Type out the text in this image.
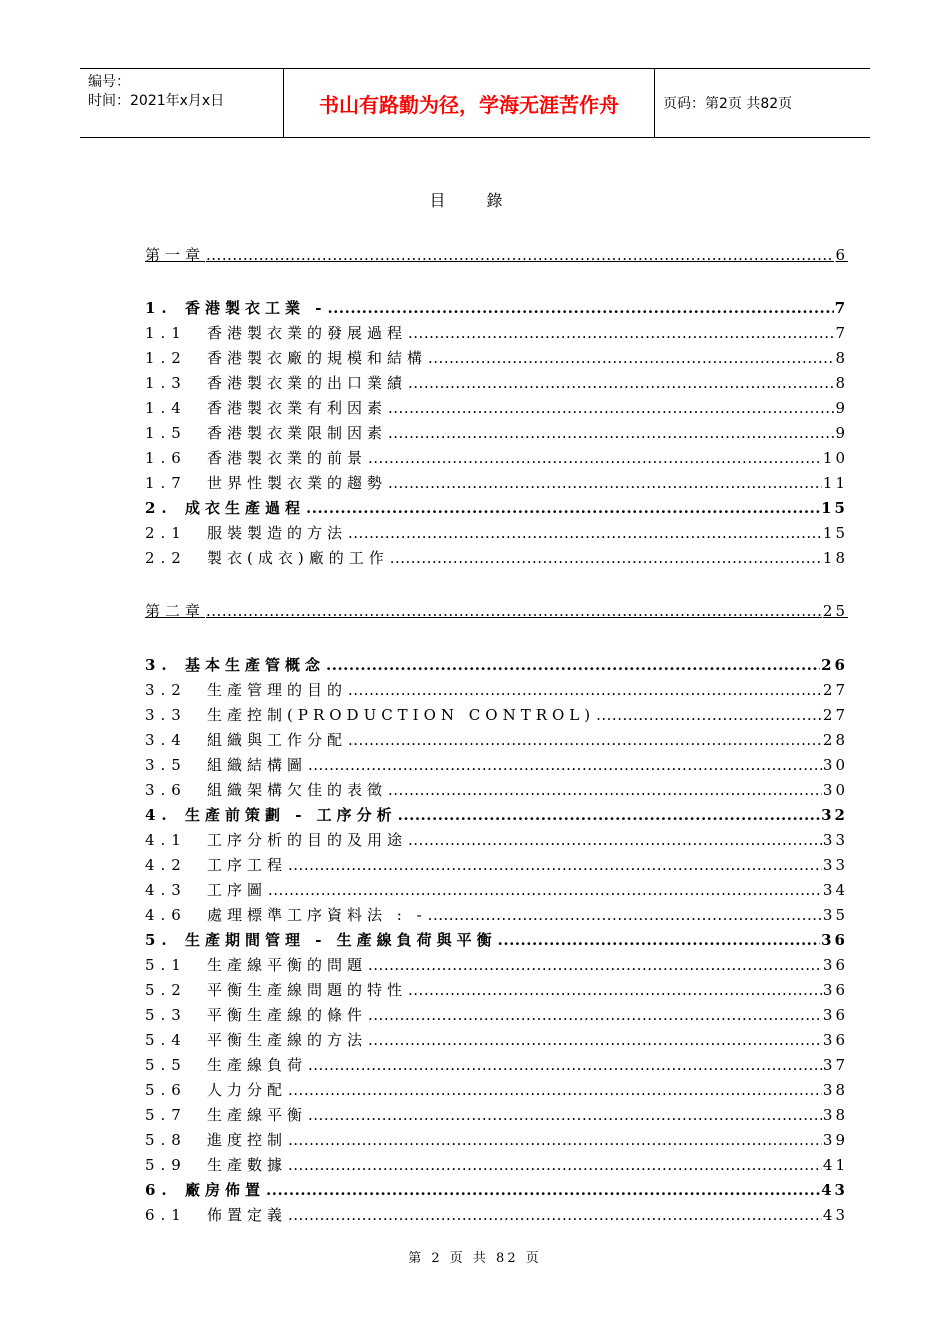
编号：
时间：2021年x月x日	书山有路勤为径，学海无涯苦作舟	页码：第2页 共82页
目 錄
第一章 .....	6
1. 香港製衣工業 - .....	7
1.1	香港製衣業的發展過程 .....	7
1.2	香港製衣廠的規模和結構 .....	8
1.3	香港製衣業的出口業績 .....	8
1.4	香港製衣業有利因素 .....	9
1.5	香港製衣業限制因素 .....	9
1.6	香港製衣業的前景 .....	10
1.7	世界性製衣業的趨勢 .....	11
2. 成衣生產過程 .....	15
2.1	服裝製造的方法 .....	15
2.2	製衣(成衣)廠的工作 .....	18
第二章 .....	25
3. 基本生產管概念 .....	26
3.2	生產管理的目的 .....	27
3.3	生產控制(PRODUCTION CONTROL) .....	27
3.4	組織與工作分配 .....	28
3.5	組織結構圖 .....	30
3.6	組織架構欠佳的表徵 .....	30
4. 生產前策劃 - 工序分析 .....	32
4.1	工序分析的目的及用途 .....	33
4.2	工序工程 .....	33
4.3	工序圖 .....	34
4.6	處理標準工序資料法 : - .....	35
5. 生產期間管理 - 生產線負荷與平衡 .....	36
5.1	生產線平衡的問題 .....	36
5.2	平衡生產線問題的特性 .....	36
5.3	平衡生產線的條件 .....	36
5.4	平衡生產線的方法 .....	36
5.5	生產線負荷 .....	37
5.6	人力分配 .....	38
5.7	生產線平衡 .....	38
5.8	進度控制 .....	39
5.9	生產數據 .....	41
6. 廠房佈置 .....	43
6.1	佈置定義 .....	43
第 2 页 共 82 页
